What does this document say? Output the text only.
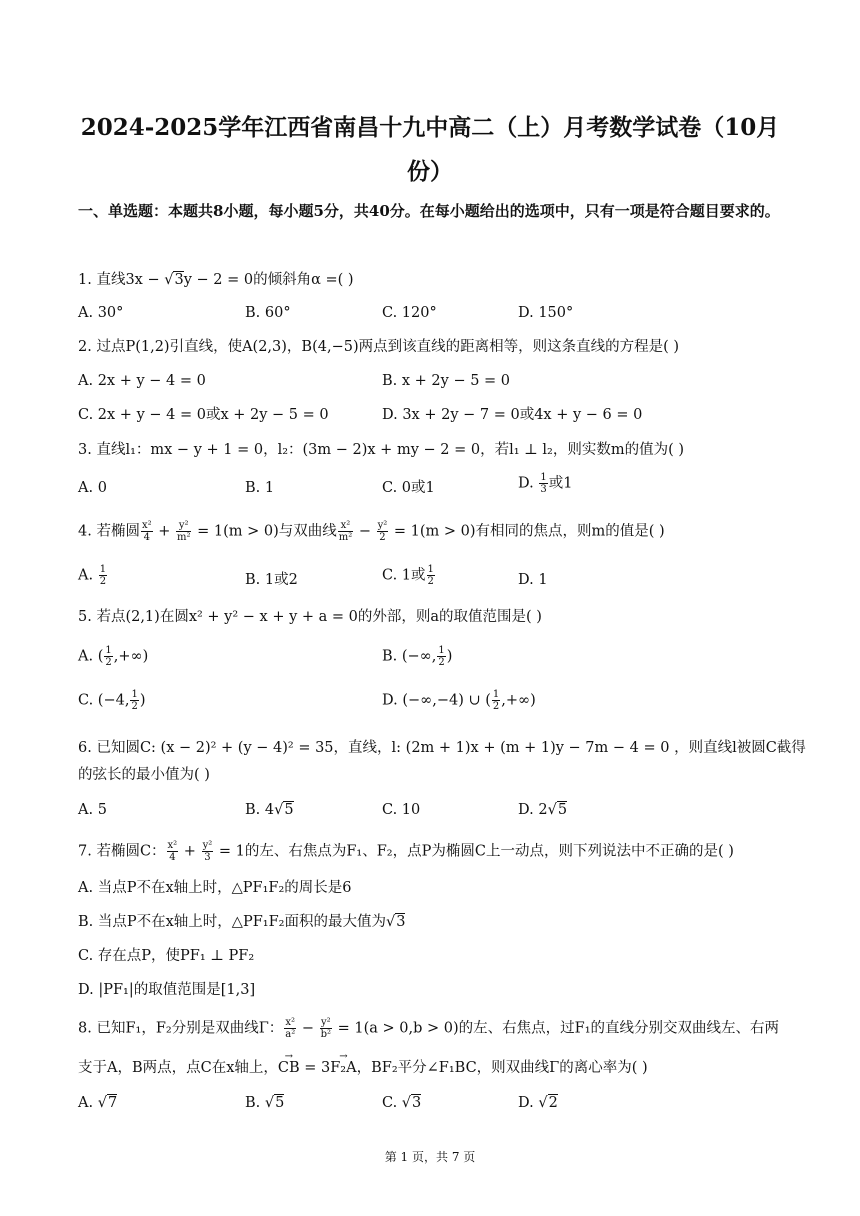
2024-2025学年江西省南昌十九中高二（上）月考数学试卷（10月
份）
一、单选题：本题共8小题，每小题5分，共40分。在每小题给出的选项中，只有一项是符合题目要求的。
1. 直线3x − √3y − 2 = 0的倾斜角α =( )
A. 30°	B. 60°	C. 120°	D. 150°
2. 过点P(1,2)引直线，使A(2,3)，B(4,−5)两点到该直线的距离相等，则这条直线的方程是( )
A. 2x + y − 4 = 0	B. x + 2y − 5 = 0
C. 2x + y − 4 = 0或x + 2y − 5 = 0	D. 3x + 2y − 7 = 0或4x + y − 6 = 0
3. 直线l₁：mx − y + 1 = 0，l₂：(3m − 2)x + my − 2 = 0，若l₁ ⊥ l₂，则实数m的值为( )
A. 0	B. 1	C. 0或1	D. $\frac{1}{3}$ 或1
4. 若椭圆 $\frac{\text{x²}}{4} + \frac{\text{y²}}{\text{m²}} = 1(m > 0)$与双曲线 $\frac{\text{x²}}{\text{m²}} - \frac{\text{y²}}{2} = 1(m > 0)$有相同的焦点，则m的值是( )
A. $\frac{1}{2}$	B. 1或2	C. 1或 $\frac{1}{2}$	D. 1
5. 若点(2,1)在圆x² + y² − x + y + a = 0的外部，则a的取值范围是( )
A. ( $\frac{1}{2}$ ,+∞)	B. (−∞, $\frac{1}{2}$ )
C. (−4, $\frac{1}{2}$ )	D. (−∞,−4) ∪ ( $\frac{1}{2}$ ,+∞)
6. 已知圆C: (x − 2)² + (y − 4)² = 35，直线，l: (2m + 1)x + (m + 1)y − 7m − 4 = 0 ，则直线l被圆C截得
的弦长的最小值为( )
A. 5	B. 4√5	C. 10	D. 2√5
7. 若椭圆C： $\frac{\text{x²}}{4} + \frac{\text{y²}}{3} = 1$的左、右焦点为F₁、F₂，点P为椭圆C上一动点，则下列说法中不正确的是( )
A. 当点P不在x轴上时，△PF₁F₂的周长是6
B. 当点P不在x轴上时，△PF₁F₂面积的最大值为√3
C. 存在点P，使PF₁ ⊥ PF₂
D. |PF₁|的取值范围是[1,3]
8. 已知F₁，F₂分别是双曲线Γ： $\frac{\text{x²}}{\text{a²}} - \frac{\text{y²}}{\text{b²}} = 1(a > 0,b > 0)$的左、右焦点，过F₁的直线分别交双曲线左、右两
支于A，B两点，点C在x轴上，→ CB = 3→ F₂A，BF₂平分∠F₁BC，则双曲线Γ的离心率为( )
A. √7	B. √5	C. √3	D. √2
第 1 页，共 7 页
